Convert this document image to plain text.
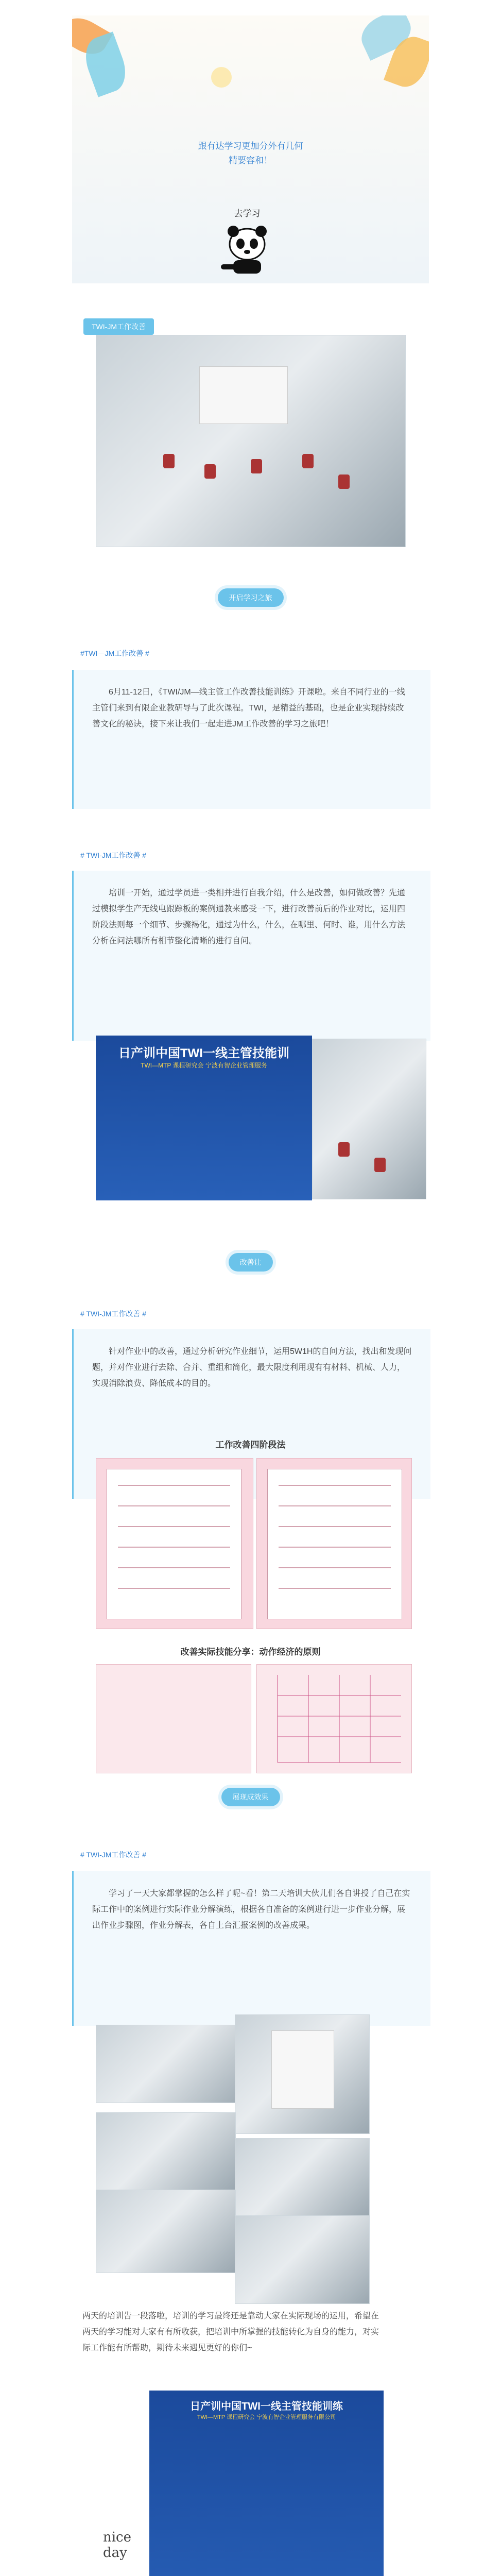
跟有达学习更加分外有几何
精要容和！
去学习
TWI-JM工作改善
开启学习之旅
#TWI－JM工作改善 #

6月11-12日，《TWI/JM—线主管工作改善技能训练》开课啦。来自不同行业的一线主管们来到有限企业教研导与了此次课程。TWI，是精益的基础，也是企业实现持续改善文化的秘诀，接下来让我们一起走进JM工作改善的学习之旅吧！

# TWI-JM工作改善 #

培训一开始，通过学员进一类相并进行自我介绍，什么是改善，如何做改善？先通过模拟学生产无线电跟踪板的案例通教来感受一下，进行改善前后的作业对比，运用四阶段法则每一个细节、步骤褐化，通过为什么，什么，在哪里、何时、谁，用什么方法分析在问法哪所有相节整化清晰的进行自问。

日产训中国TWI一线主管技能训
TWI—MTP 课程研究会 宁波有智企业管理服务
改善让
# TWI-JM工作改善 #

针对作业中的改善，通过分析研究作业细节，运用5W1H的自问方法，找出和发现问题，并对作业进行去除、合并、重组和简化，最大限度利用现有有材料、机械、人力，实现消除浪费、降低成本的目的。

工作改善四阶段法
改善实际技能分享：动作经济的原则
展现成效果
# TWI-JM工作改善 #

学习了一天大家都掌握的怎么样了呢~看！第二天培训大伙儿们各自讲授了自己在实际工作中的案例进行实际作业分解演练，根据各自准备的案例进行进一步作业分解，展出作业步骤图，作业分解表，各自上台汇报案例的改善成果。

两天的培训告一段落啦，培训的学习最终还是靠动大家在实际现场的运用，希望在两天的学习能对大家有有所收获，把培训中所掌握的技能转化为自身的能力，对实际工作能有所帮助，期待未来遇见更好的你们~
日产训中国TWI一线主管技能训练
TWI—MTP 课程研究会 宁波有智企业管理服务有限公司
nice day
